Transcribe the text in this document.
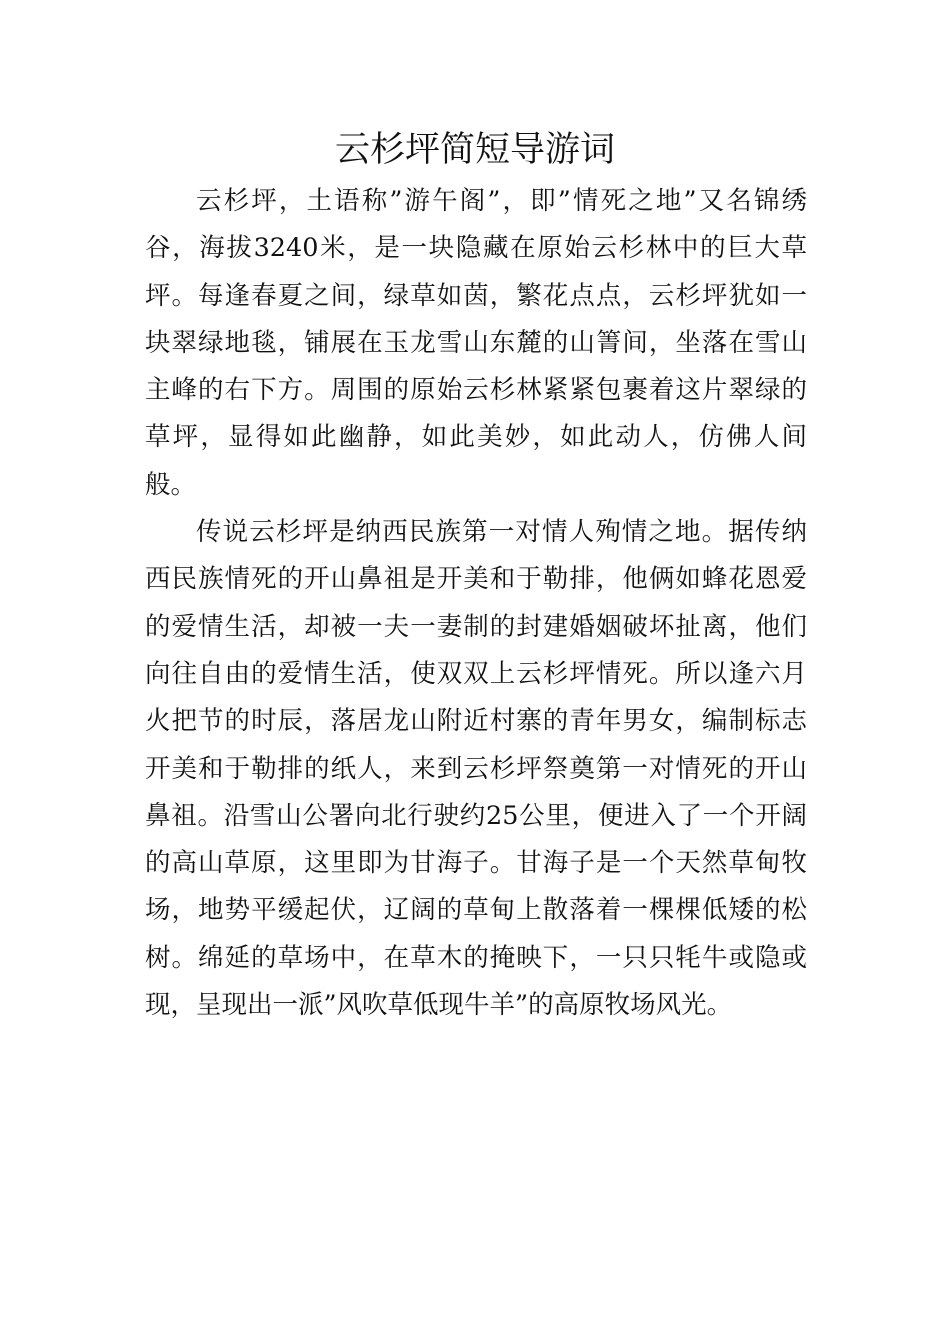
云杉坪简短导游词

云杉坪，土语称”游午阁”，即”情死之地”又名锦绣谷，海拔3240米，是一块隐藏在原始云杉林中的巨大草坪。每逢春夏之间，绿草如茵，繁花点点，云杉坪犹如一块翠绿地毯，铺展在玉龙雪山东麓的山箐间，坐落在雪山主峰的右下方。周围的原始云杉林紧紧包裹着这片翠绿的草坪，显得如此幽静，如此美妙，如此动人，仿佛人间般。

传说云杉坪是纳西民族第一对情人殉情之地。据传纳西民族情死的开山鼻祖是开美和于勒排，他俩如蜂花恩爱的爱情生活，却被一夫一妻制的封建婚姻破坏扯离，他们向往自由的爱情生活，使双双上云杉坪情死。所以逢六月火把节的时辰，落居龙山附近村寨的青年男女，编制标志开美和于勒排的纸人，来到云杉坪祭奠第一对情死的开山鼻祖。沿雪山公署向北行驶约25公里，便进入了一个开阔的高山草原，这里即为甘海子。甘海子是一个天然草甸牧场，地势平缓起伏，辽阔的草甸上散落着一棵棵低矮的松树。绵延的草场中，在草木的掩映下，一只只牦牛或隐或现，呈现出一派”风吹草低现牛羊”的高原牧场风光。
